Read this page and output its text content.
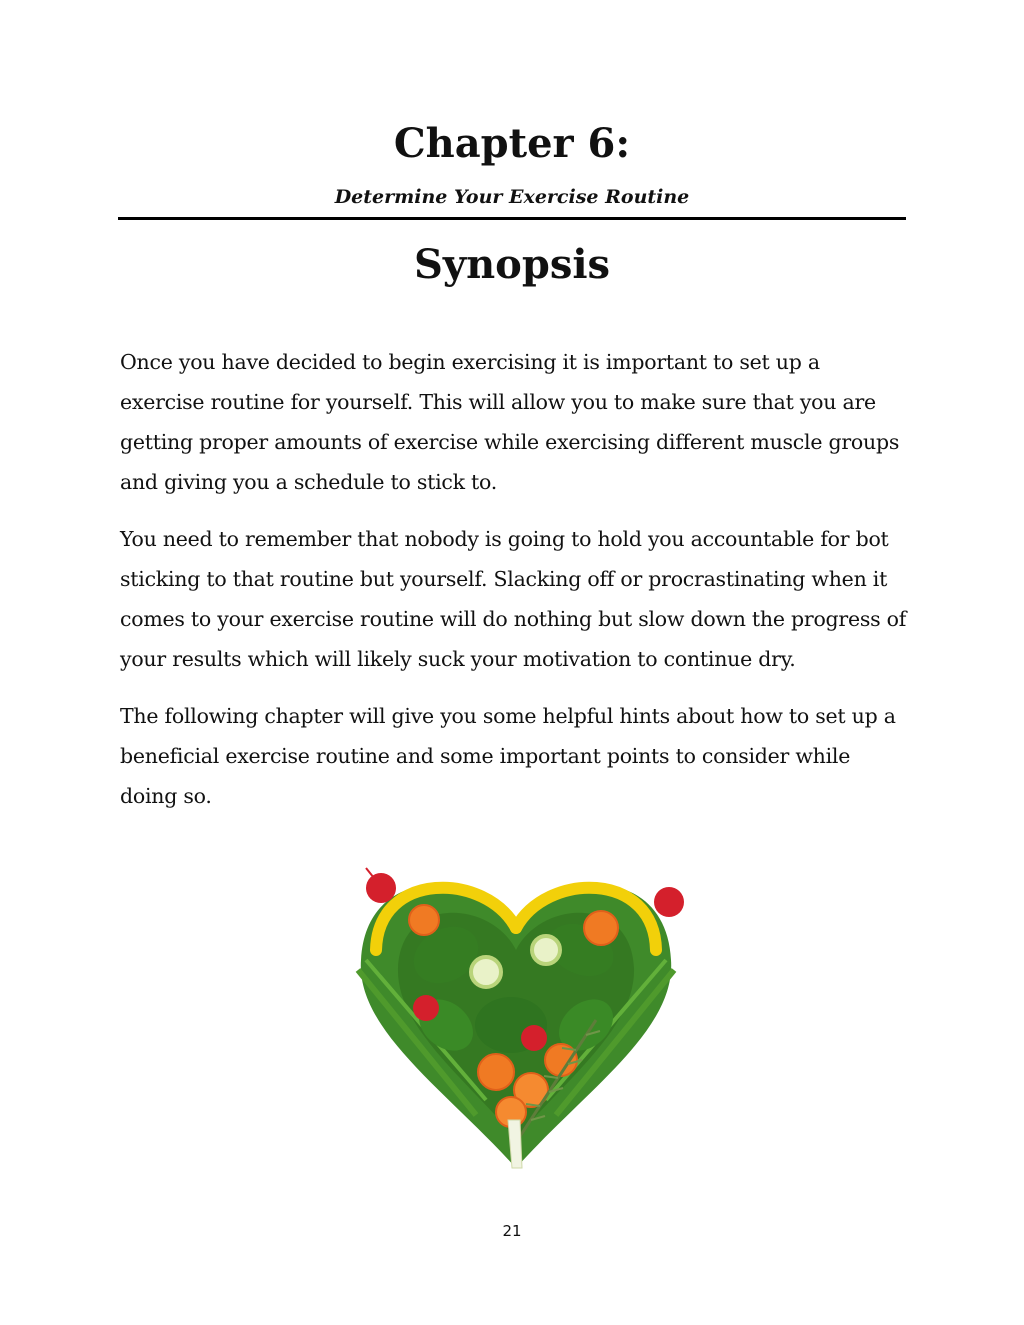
Chapter 6:
Determine Your Exercise Routine
Synopsis

Once you have decided to begin exercising it is important to set up a exercise routine for yourself. This will allow you to make sure that you are getting proper amounts of exercise while exercising different muscle groups and giving you a schedule to stick to.

You need to remember that nobody is going to hold you accountable for bot sticking to that routine but yourself. Slacking off or procrastinating when it comes to your exercise routine will do nothing but slow down the progress of your results which will likely suck your motivation to continue dry.

The following chapter will give you some helpful hints about how to set up a beneficial exercise routine and some important points to consider while doing so.

21
